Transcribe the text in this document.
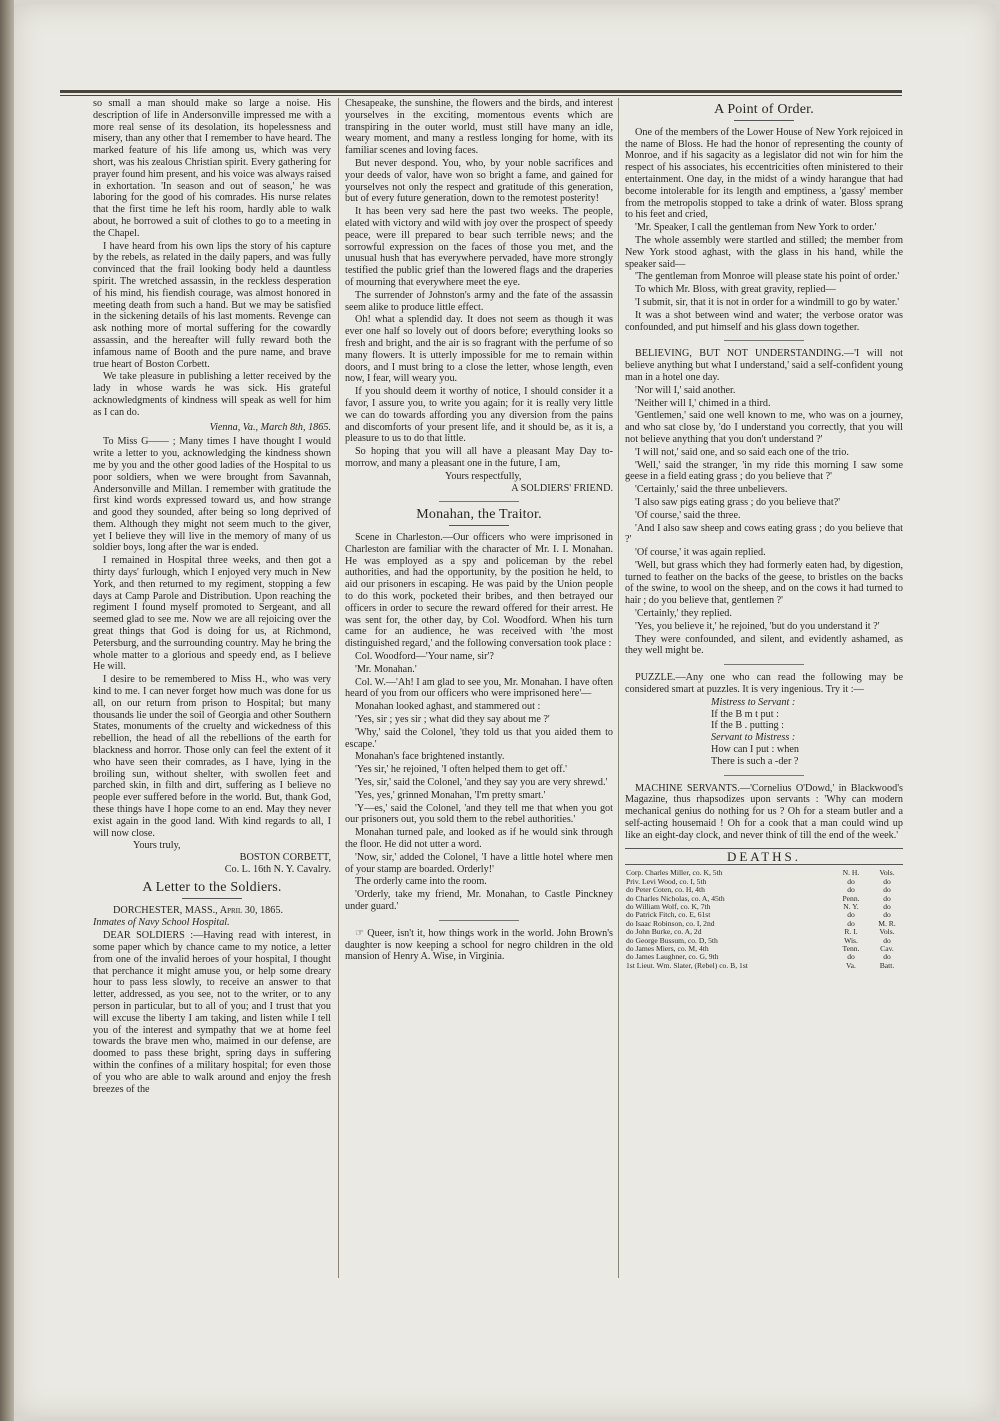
so small a man should make so large a noise. His description of life in Andersonville impressed me with a more real sense of its desolation, its hopelessness and misery, than any other that I remember to have heard. The marked feature of his life among us, which was very short, was his zealous Christian spirit. Every gathering for prayer found him present, and his voice was always raised in exhortation. 'In season and out of season,' he was laboring for the good of his comrades. His nurse relates that the first time he left his room, hardly able to walk about, he borrowed a suit of clothes to go to a meeting in the Chapel.

I have heard from his own lips the story of his capture by the rebels, as related in the daily papers, and was fully convinced that the frail looking body held a dauntless spirit. The wretched assassin, in the reckless desperation of his mind, his fiendish courage, was almost honored in meeting death from such a hand. But we may be satisfied in the sickening details of his last moments. Revenge can ask nothing more of mortal suffering for the cowardly assassin, and the hereafter will fully reward both the infamous name of Booth and the pure name, and brave true heart of Boston Corbett.

We take pleasure in publishing a letter received by the lady in whose wards he was sick. His grateful acknowledgments of kindness will speak as well for him as I can do.

Vienna, Va., March 8th, 1865.

To Miss G—— ; Many times I have thought I would write a letter to you, acknowledging the kindness shown me by you and the other good ladies of the Hospital to us poor soldiers, when we were brought from Savannah, Andersonville and Millan. I remember with gratitude the first kind words expressed toward us, and how strange and good they sounded, after being so long deprived of them. Although they might not seem much to the giver, yet I believe they will live in the memory of many of us soldier boys, long after the war is ended.

I remained in Hospital three weeks, and then got a thirty days' furlough, which I enjoyed very much in New York, and then returned to my regiment, stopping a few days at Camp Parole and Distribution. Upon reaching the regiment I found myself promoted to Sergeant, and all seemed glad to see me. Now we are all rejoicing over the great things that God is doing for us, at Richmond, Petersburg, and the surrounding country. May he bring the whole matter to a glorious and speedy end, as I believe He will.

I desire to be remembered to Miss H., who was very kind to me. I can never forget how much was done for us all, on our return from prison to Hospital; but many thousands lie under the soil of Georgia and other Southern States, monuments of the cruelty and wickedness of this rebellion, the head of all the rebellions of the earth for blackness and horror. Those only can feel the extent of it who have seen their comrades, as I have, lying in the broiling sun, without shelter, with swollen feet and parched skin, in filth and dirt, suffering as I believe no people ever suffered before in the world. But, thank God, these things have I hope come to an end. May they never exist again in the good land. With kind regards to all, I will now close.

Yours truly,
BOSTON CORBETT,
Co. L. 16th N. Y. Cavalry.
A Letter to the Soldiers.

DORCHESTER, MASS., April 30, 1865.

Inmates of Navy School Hospital.

DEAR SOLDIERS :—Having read with interest, in some paper which by chance came to my notice, a letter from one of the invalid heroes of your hospital, I thought that perchance it might amuse you, or help some dreary hour to pass less slowly, to receive an answer to that letter, addressed, as you see, not to the writer, or to any person in particular, but to all of you; and I trust that you will excuse the liberty I am taking, and listen while I tell you of the interest and sympathy that we at home feel towards the brave men who, maimed in our defense, are doomed to pass these bright, spring days in suffering within the confines of a military hospital; for even those of you who are able to walk around and enjoy the fresh breezes of the

Chesapeake, the sunshine, the flowers and the birds, and interest yourselves in the exciting, momentous events which are transpiring in the outer world, must still have many an idle, weary moment, and many a restless longing for home, with its familiar scenes and loving faces.

But never despond. You, who, by your noble sacrifices and your deeds of valor, have won so bright a fame, and gained for yourselves not only the respect and gratitude of this generation, but of every future generation, down to the remotest posterity!

It has been very sad here the past two weeks. The people, elated with victory and wild with joy over the prospect of speedy peace, were ill prepared to bear such terrible news; and the sorrowful expression on the faces of those you met, and the unusual hush that has everywhere pervaded, have more strongly testified the public grief than the lowered flags and the draperies of mourning that everywhere meet the eye.

The surrender of Johnston's army and the fate of the assassin seem alike to produce little effect.

Oh! what a splendid day. It does not seem as though it was ever one half so lovely out of doors before; everything looks so fresh and bright, and the air is so fragrant with the perfume of so many flowers. It is utterly impossible for me to remain within doors, and I must bring to a close the letter, whose length, even now, I fear, will weary you.

If you should deem it worthy of notice, I should consider it a favor, I assure you, to write you again; for it is really very little we can do towards affording you any diversion from the pains and discomforts of your present life, and it should be, as it is, a pleasure to us to do that little.

So hoping that you will all have a pleasant May Day to-morrow, and many a pleasant one in the future, I am,

Yours respectfully,
A SOLDIERS' FRIEND.
Monahan, the Traitor.

Scene in Charleston.—Our officers who were imprisoned in Charleston are familiar with the character of Mr. I. I. Monahan. He was employed as a spy and policeman by the rebel authorities, and had the opportunity, by the position he held, to aid our prisoners in escaping. He was paid by the Union people to do this work, pocketed their bribes, and then betrayed our officers in order to secure the reward offered for their arrest. He was sent for, the other day, by Col. Woodford. When his turn came for an audience, he was received with 'the most distinguished regard,' and the following conversation took place :

Col. Woodford—'Your name, sir'?

'Mr. Monahan.'

Col. W.—'Ah! I am glad to see you, Mr. Monahan. I have often heard of you from our officers who were imprisoned here'—

Monahan looked aghast, and stammered out :

'Yes, sir ; yes sir ; what did they say about me ?'

'Why,' said the Colonel, 'they told us that you aided them to escape.'

Monahan's face brightened instantly.

'Yes sir,' he rejoined, 'I often helped them to get off.'

'Yes, sir,' said the Colonel, 'and they say you are very shrewd.'

'Yes, yes,' grinned Monahan, 'I'm pretty smart.'

'Y—es,' said the Colonel, 'and they tell me that when you got our prisoners out, you sold them to the rebel authorities.'

Monahan turned pale, and looked as if he would sink through the floor. He did not utter a word.

'Now, sir,' added the Colonel, 'I have a little hotel where men of your stamp are boarded. Orderly!'

The orderly came into the room.

'Orderly, take my friend, Mr. Monahan, to Castle Pinckney under guard.'

☞ Queer, isn't it, how things work in the world. John Brown's daughter is now keeping a school for negro children in the old mansion of Henry A. Wise, in Virginia.

A Point of Order.

One of the members of the Lower House of New York rejoiced in the name of Bloss. He had the honor of representing the county of Monroe, and if his sagacity as a legislator did not win for him the respect of his associates, his eccentricities often ministered to their entertainment. One day, in the midst of a windy harangue that had become intolerable for its length and emptiness, a 'gassy' member from the metropolis stopped to take a drink of water. Bloss sprang to his feet and cried,

'Mr. Speaker, I call the gentleman from New York to order.'

The whole assembly were startled and stilled; the member from New York stood aghast, with the glass in his hand, while the speaker said—

'The gentleman from Monroe will please state his point of order.'

To which Mr. Bloss, with great gravity, replied—

'I submit, sir, that it is not in order for a windmill to go by water.'

It was a shot between wind and water; the verbose orator was confounded, and put himself and his glass down together.

BELIEVING, BUT NOT UNDERSTANDING.—'I will not believe anything but what I understand,' said a self-confident young man in a hotel one day.

'Nor will I,' said another.

'Neither will I,' chimed in a third.

'Gentlemen,' said one well known to me, who was on a journey, and who sat close by, 'do I understand you correctly, that you will not believe anything that you don't understand ?'

'I will not,' said one, and so said each one of the trio.

'Well,' said the stranger, 'in my ride this morning I saw some geese in a field eating grass ; do you believe that ?'

'Certainly,' said the three unbelievers.

'I also saw pigs eating grass ; do you believe that?'

'Of course,' said the three.

'And I also saw sheep and cows eating grass ; do you believe that ?'

'Of course,' it was again replied.

'Well, but grass which they had formerly eaten had, by digestion, turned to feather on the backs of the geese, to bristles on the backs of the swine, to wool on the sheep, and on the cows it had turned to hair ; do you believe that, gentlemen ?'

'Certainly,' they replied.

'Yes, you believe it,' he rejoined, 'but do you understand it ?'

They were confounded, and silent, and evidently ashamed, as they well might be.

PUZZLE.—Any one who can read the following may be considered smart at puzzles. It is very ingenious. Try it :—

Mistress to Servant :

If the B m t put :

If the B . putting :

Servant to Mistress :

How can I put : when

There is such a -der ?

MACHINE SERVANTS.—'Cornelius O'Dowd,' in Blackwood's Magazine, thus rhapsodizes upon servants : 'Why can modern mechanical genius do nothing for us ? Oh for a steam butler and a self-acting housemaid ! Oh for a cook that a man could wind up like an eight-day clock, and never think of till the end of the week.'

DEATHS.
Corp. Charles Miller, co. K, 5th	N. H.	Vols.
Priv. Levi Wood, co. I, 5th	do	do
do Peter Coten, co. H, 4th	do	do
do Charles Nicholas, co. A, 45th	Penn.	do
do William Wolf, co. K, 7th	N. Y.	do
do Patrick Fitch, co. E, 61st	do	do
do Isaac Robinson, co. I, 2nd	do	M. R.
do John Burke, co. A, 2d	R. I.	Vols.
do George Bussum, co. D, 5th	Wis.	do
do James Miers, co. M, 4th	Tenn.	Cav.
do James Laughner, co. G, 9th	do	do
1st Lieut. Wm. Slater, (Rebel) co. B, 1st	Va.	Batt.
